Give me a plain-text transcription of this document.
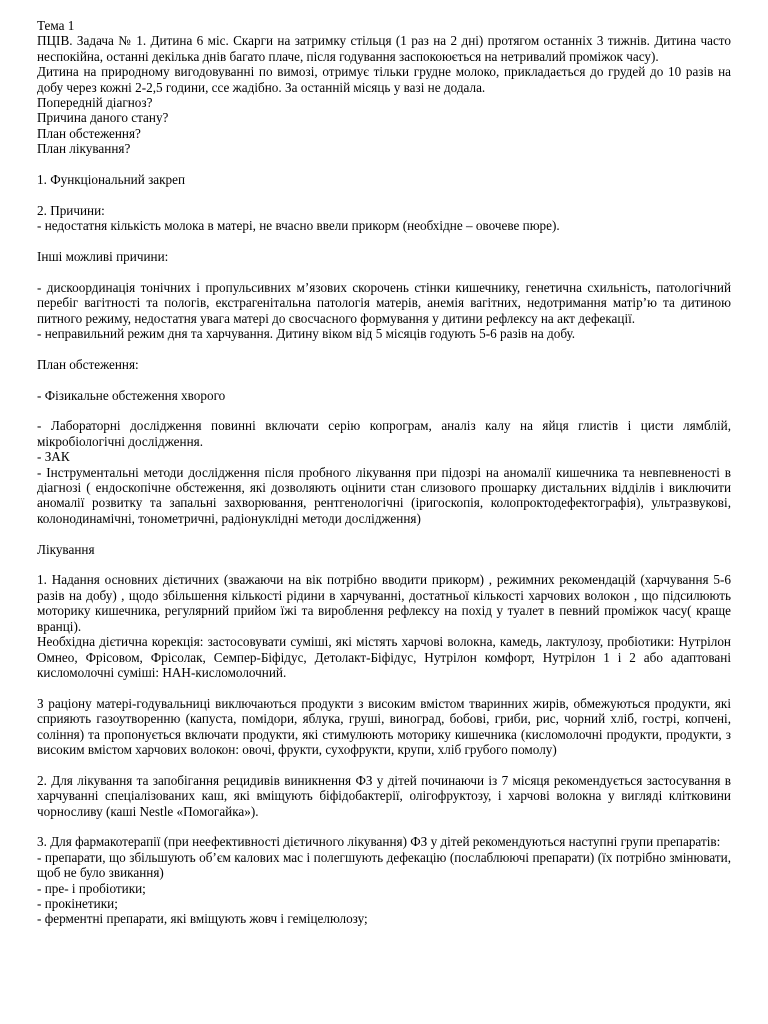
Тема 1

ПЦІВ. Задача № 1. Дитина 6 міс. Скарги на затримку стільця (1 раз на 2 дні) протягом останніх 3 тижнів. Дитина часто неспокійна, останні декілька днів багато плаче, після годування заспокоюється на нетривалий проміжок часу).

Дитина на природному вигодовуванні по вимозі, отримує тільки грудне молоко, прикладається до грудей до 10 разів на добу через кожні 2-2,5 години, ссе жадібно. За останній місяць у вазі не додала.

Попередній діагноз?

Причина даного стану?

План обстеження?

План лікування?

1. Функціональний закреп

2. Причини:

- недостатня кількість молока в матері, не вчасно ввели прикорм (необхідне – овочеве пюре).

Інші можливі причини:

- дискоординація тонічних і пропульсивних м’язових скорочень стінки кишечнику, генетична схильність, патологічний перебіг вагітності та пологів, екстрагенітальна патологія матерів, анемія вагітних, недотримання матір’ю та дитиною питного режиму, недостатня увага матері до свосчасного формування у дитини рефлексу на акт дефекації.

- неправильний режим дня та харчування. Дитину віком від 5 місяців годують 5-6 разів на добу.

План обстеження:

- Фізикальне обстеження хворого

- Лабораторні дослідження повинні включати серію копрограм, аналіз калу на яйця глистів і цисти лямблій, мікробіологічні дослідження.

- ЗАК

- Інструментальні методи дослідження після пробного лікування при підозрі на аномалії кишечника та невпевненості в діагнозі ( ендоскопічне обстеження, які дозволяють оцінити стан слизового прошарку дистальних відділів і виключити аномалії розвитку та запальні захворювання, рентгенологічні (іригоскопія, колопроктодефектографія), ультразвукові, колонодинамічні, тонометричні, радіонуклідні методи дослідження)

Лікування

1. Надання основних дієтичних (зважаючи на вік потрібно вводити прикорм) , режимних рекомендацій (харчування 5-6 разів на добу) , щодо збільшення кількості рідини в харчуванні, достатньої кількості харчових волокон , що підсилюють моторику кишечника, регулярний прийом їжі та вироблення рефлексу на похід у туалет в певний проміжок часу( краще вранці).

Необхідна дієтична корекція: застосовувати суміші, які містять харчові волокна, камедь, лактулозу, пробіотики: Нутрілон Омнео, Фрісовом, Фрісолак, Семпер-Біфідус, Детолакт-Біфідус, Нутрілон комфорт, Нутрілон 1 і 2 або адаптовані кисломолочні суміші: НАН-кисломолочний.

З раціону матері-годувальниці виключаються продукти з високим вмістом тваринних жирів, обмежуються продукти, які сприяють газоутворенню (капуста, помідори, яблука, груші, виноград, бобові, гриби, рис, чорний хліб, гострі, копчені, соління) та пропонується включати продукти, які стимулюють моторику кишечника (кисломолочні продукти, продукти, з високим вмістом харчових волокон: овочі, фрукти, сухофрукти, крупи, хліб грубого помолу)

2. Для лікування та запобігання рецидивів виникнення ФЗ у дітей починаючи із 7 місяця рекомендується застосування в харчуванні спеціалізованих каш, які вміщують біфідобактерії, олігофруктозу, і харчові волокна у вигляді клітковини чорносливу (каші Nestle «Помогайка»).

3. Для фармакотерапії (при неефективності дієтичного лікування) ФЗ у дітей рекомендуються наступні групи препаратів:

- препарати, що збільшують об’єм калових мас і полегшують дефекацію (послаблюючі препарати) (їх потрібно змінювати, щоб не було звикання)

- пре- і пробіотики;

- прокінетики;

- ферментні препарати, які вміщують жовч і геміцелюлозу;
